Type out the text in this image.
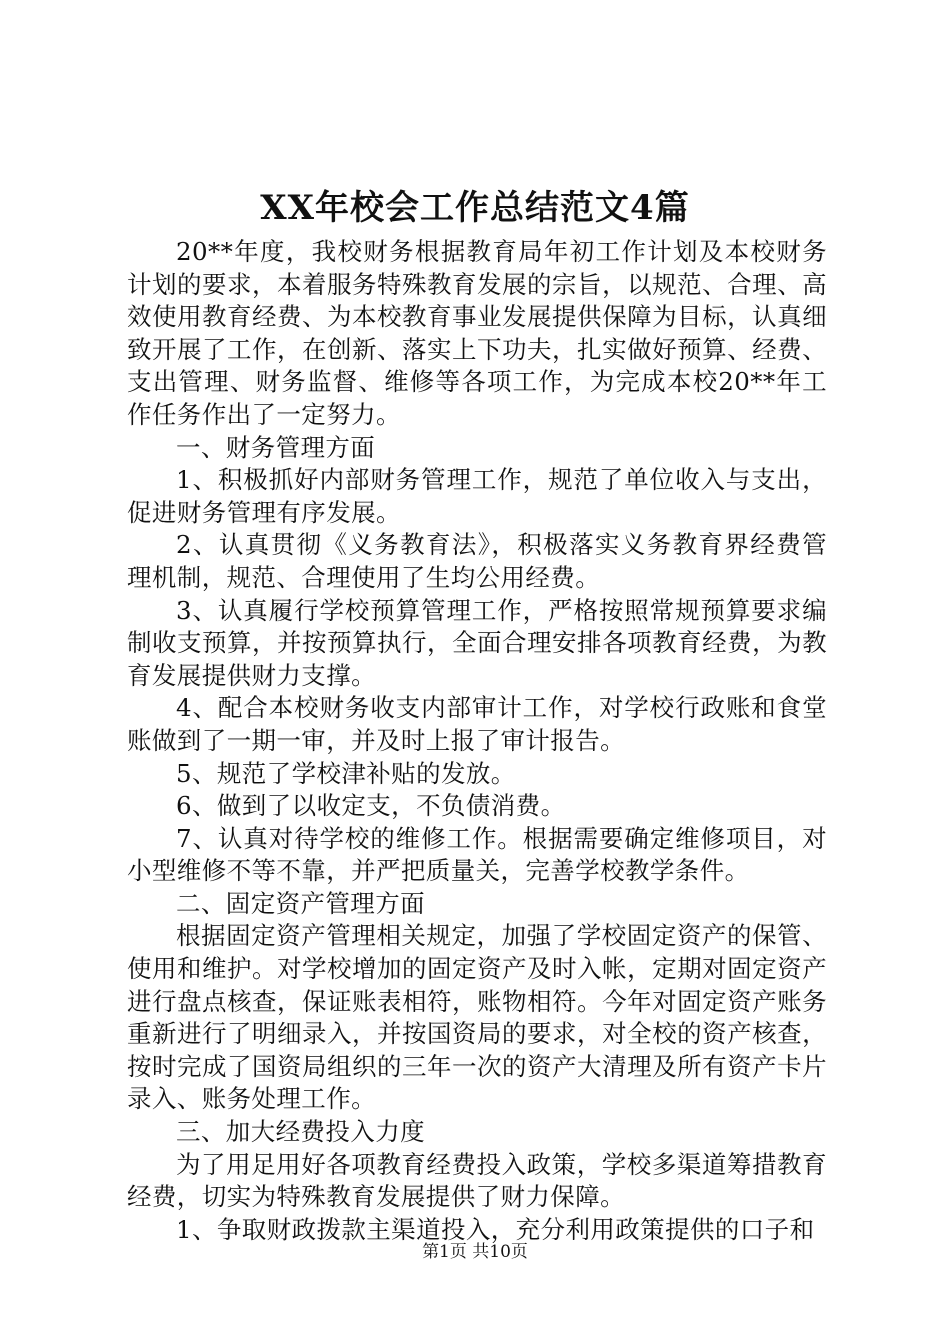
XX年校会工作总结范文4篇

20**年度，我校财务根据教育局年初工作计划及本校财务计划的要求，本着服务特殊教育发展的宗旨，以规范、合理、高效使用教育经费、为本校教育事业发展提供保障为目标，认真细致开展了工作，在创新、落实上下功夫，扎实做好预算、经费、支出管理、财务监督、维修等各项工作，为完成本校20**年工作任务作出了一定努力。

一、财务管理方面

1、积极抓好内部财务管理工作，规范了单位收入与支出，促进财务管理有序发展。

2、认真贯彻《义务教育法》，积极落实义务教育界经费管理机制，规范、合理使用了生均公用经费。

3、认真履行学校预算管理工作，严格按照常规预算要求编制收支预算，并按预算执行，全面合理安排各项教育经费，为教育发展提供财力支撑。

4、配合本校财务收支内部审计工作，对学校行政账和食堂账做到了一期一审，并及时上报了审计报告。

5、规范了学校津补贴的发放。

6、做到了以收定支，不负债消费。

7、认真对待学校的维修工作。根据需要确定维修项目，对小型维修不等不靠，并严把质量关，完善学校教学条件。

二、固定资产管理方面

根据固定资产管理相关规定，加强了学校固定资产的保管、使用和维护。对学校增加的固定资产及时入帐，定期对固定资产进行盘点核查，保证账表相符，账物相符。今年对固定资产账务重新进行了明细录入，并按国资局的要求，对全校的资产核查，按时完成了国资局组织的三年一次的资产大清理及所有资产卡片录入、账务处理工作。

三、加大经费投入力度

为了用足用好各项教育经费投入政策，学校多渠道筹措教育经费，切实为特殊教育发展提供了财力保障。

1、争取财政拨款主渠道投入，充分利用政策提供的口子和

第1页 共10页
